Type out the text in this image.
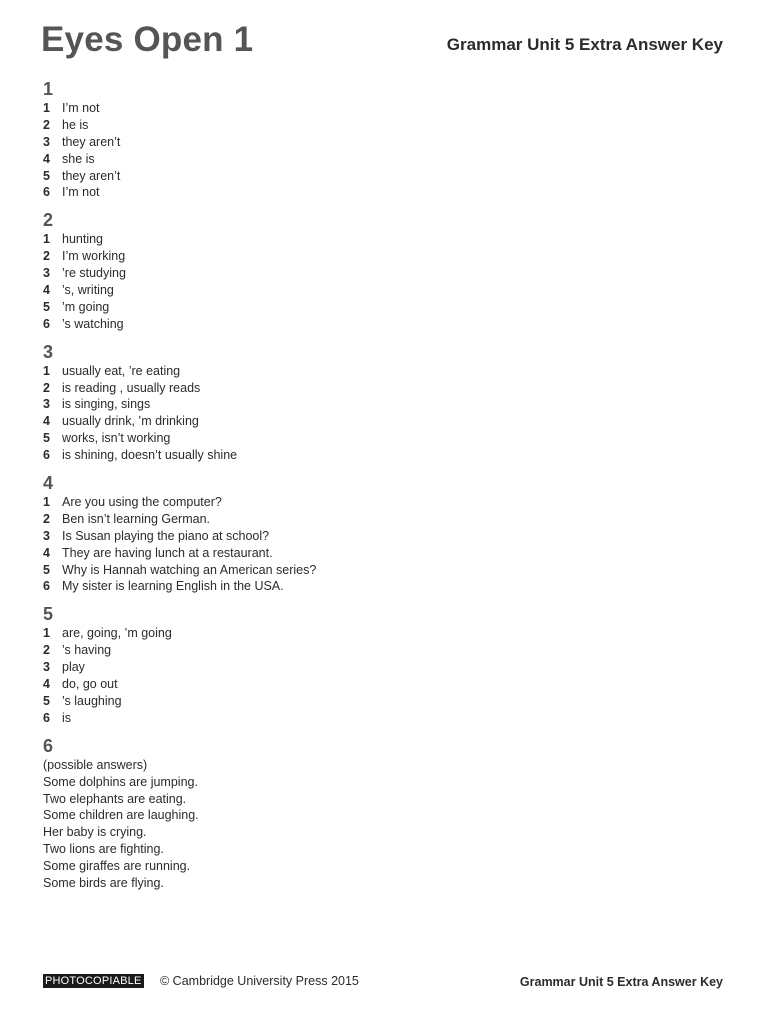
Eyes Open 1	Grammar Unit 5 Extra Answer Key
1
1 I’m not
2 he is
3 they aren’t
4 she is
5 they aren’t
6 I’m not
2
1 hunting
2 I’m working
3 ’re studying
4 ’s, writing
5 ’m going
6 ’s watching
3
1 usually eat, ’re eating
2 is reading , usually reads
3 is singing, sings
4 usually drink, ’m drinking
5 works, isn’t working
6 is shining, doesn’t usually shine
4
1 Are you using the computer?
2 Ben isn’t learning German.
3 Is Susan playing the piano at school?
4 They are having lunch at a restaurant.
5 Why is Hannah watching an American series?
6 My sister is learning English in the USA.
5
1 are, going, ’m going
2 ’s having
3 play
4 do, go out
5 ’s laughing
6 is
6
(possible answers)
Some dolphins are jumping.
Two elephants are eating.
Some children are laughing.
Her baby is crying.
Two lions are fighting.
Some giraffes are running.
Some birds are flying.
PHOTOCOPIABLE © Cambridge University Press 2015	Grammar Unit 5 Extra Answer Key
